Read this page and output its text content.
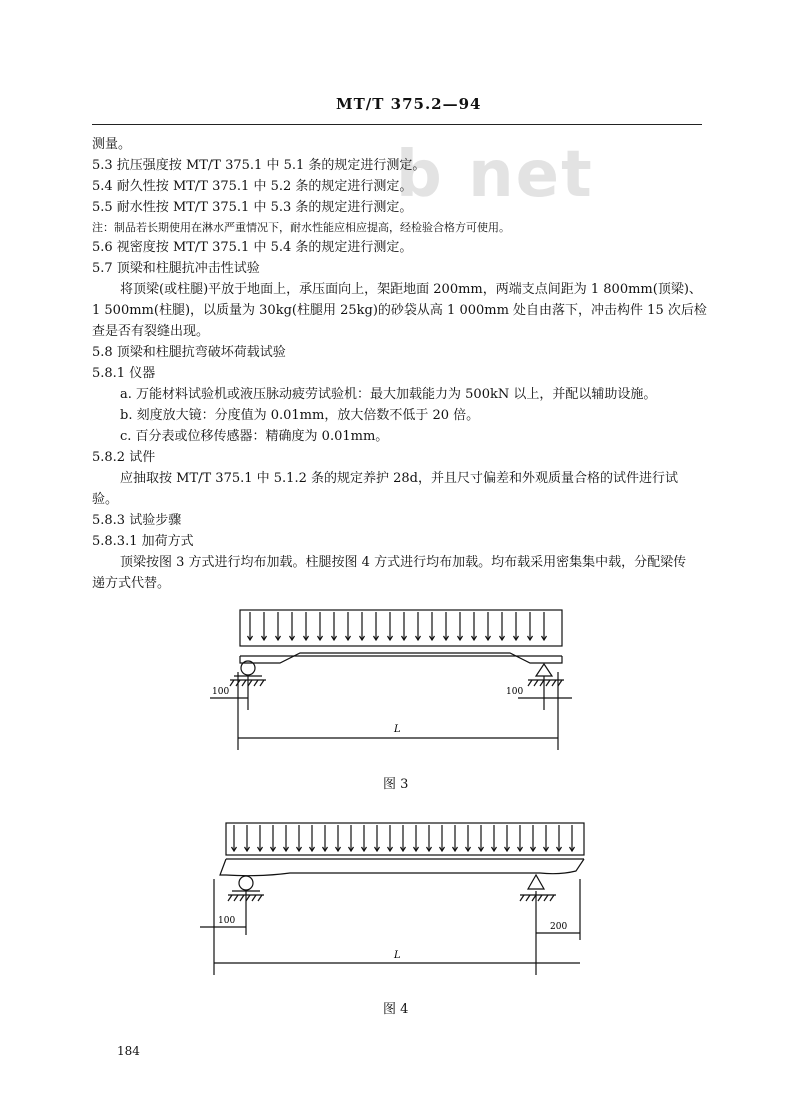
MT/T 375.2—94
b net
测量。
5.3 抗压强度按 MT/T 375.1 中 5.1 条的规定进行测定。
5.4 耐久性按 MT/T 375.1 中 5.2 条的规定进行测定。
5.5 耐水性按 MT/T 375.1 中 5.3 条的规定进行测定。
注：制品若长期使用在淋水严重情况下，耐水性能应相应提高，经检验合格方可使用。
5.6 视密度按 MT/T 375.1 中 5.4 条的规定进行测定。
5.7 顶梁和柱腿抗冲击性试验
将顶梁(或柱腿)平放于地面上，承压面向上，架距地面 200mm，两端支点间距为 1 800mm(顶梁)、
1 500mm(柱腿)，以质量为 30kg(柱腿用 25kg)的砂袋从高 1 000mm 处自由落下，冲击构件 15 次后检
查是否有裂缝出现。
5.8 顶梁和柱腿抗弯破坏荷载试验
5.8.1 仪器
a. 万能材料试验机或液压脉动疲劳试验机：最大加载能力为 500kN 以上，并配以辅助设施。
b. 刻度放大镜：分度值为 0.01mm，放大倍数不低于 20 倍。
c. 百分表或位移传感器：精确度为 0.01mm。
5.8.2 试件
应抽取按 MT/T 375.1 中 5.1.2 条的规定养护 28d，并且尺寸偏差和外观质量合格的试件进行试
验。
5.8.3 试验步骤
5.8.3.1 加荷方式
顶梁按图 3 方式进行均布加载。柱腿按图 4 方式进行均布加载。均布载采用密集集中载，分配梁传
递方式代替。
100	100
L
图 3
100
200
L
图 4
184
